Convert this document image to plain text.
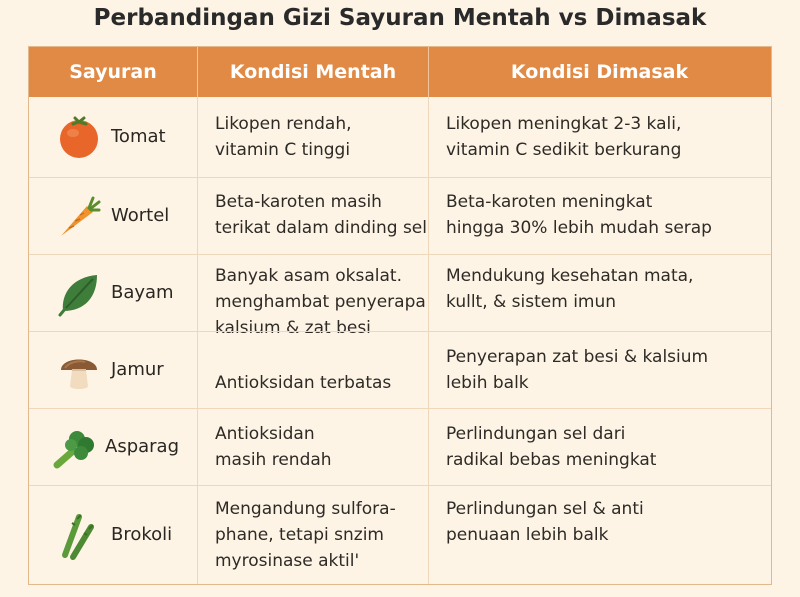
Perbandingan Gizi Sayuran Mentah vs Dimasak
Sayuran	Kondisi Mentah	Kondisi Dimasak
Tomat
Likopen rendah,
vitamin C tinggi
Likopen meningkat 2-3 kali,
vitamin C sedikit berkurang
Wortel
Beta-karoten masih
terikat dalam dinding sel
Beta-karoten meningkat
hingga 30% lebih mudah serap
Bayam
Banyak asam oksalat.
menghambat penyerapa
kalsium & zat besi
Mendukung kesehatan mata,
kullt, & sistem imun
Jamur
Antioksidan terbatas
Penyerapan zat besi & kalsium
lebih balk
Asparag
Antioksidan
masih rendah
Perlindungan sel dari
radikal bebas meningkat
Brokoli
Mengandung sulfora-
phane, tetapi snzim
myrosinase aktil'
Perlindungan sel & anti
penuaan lebih balk
